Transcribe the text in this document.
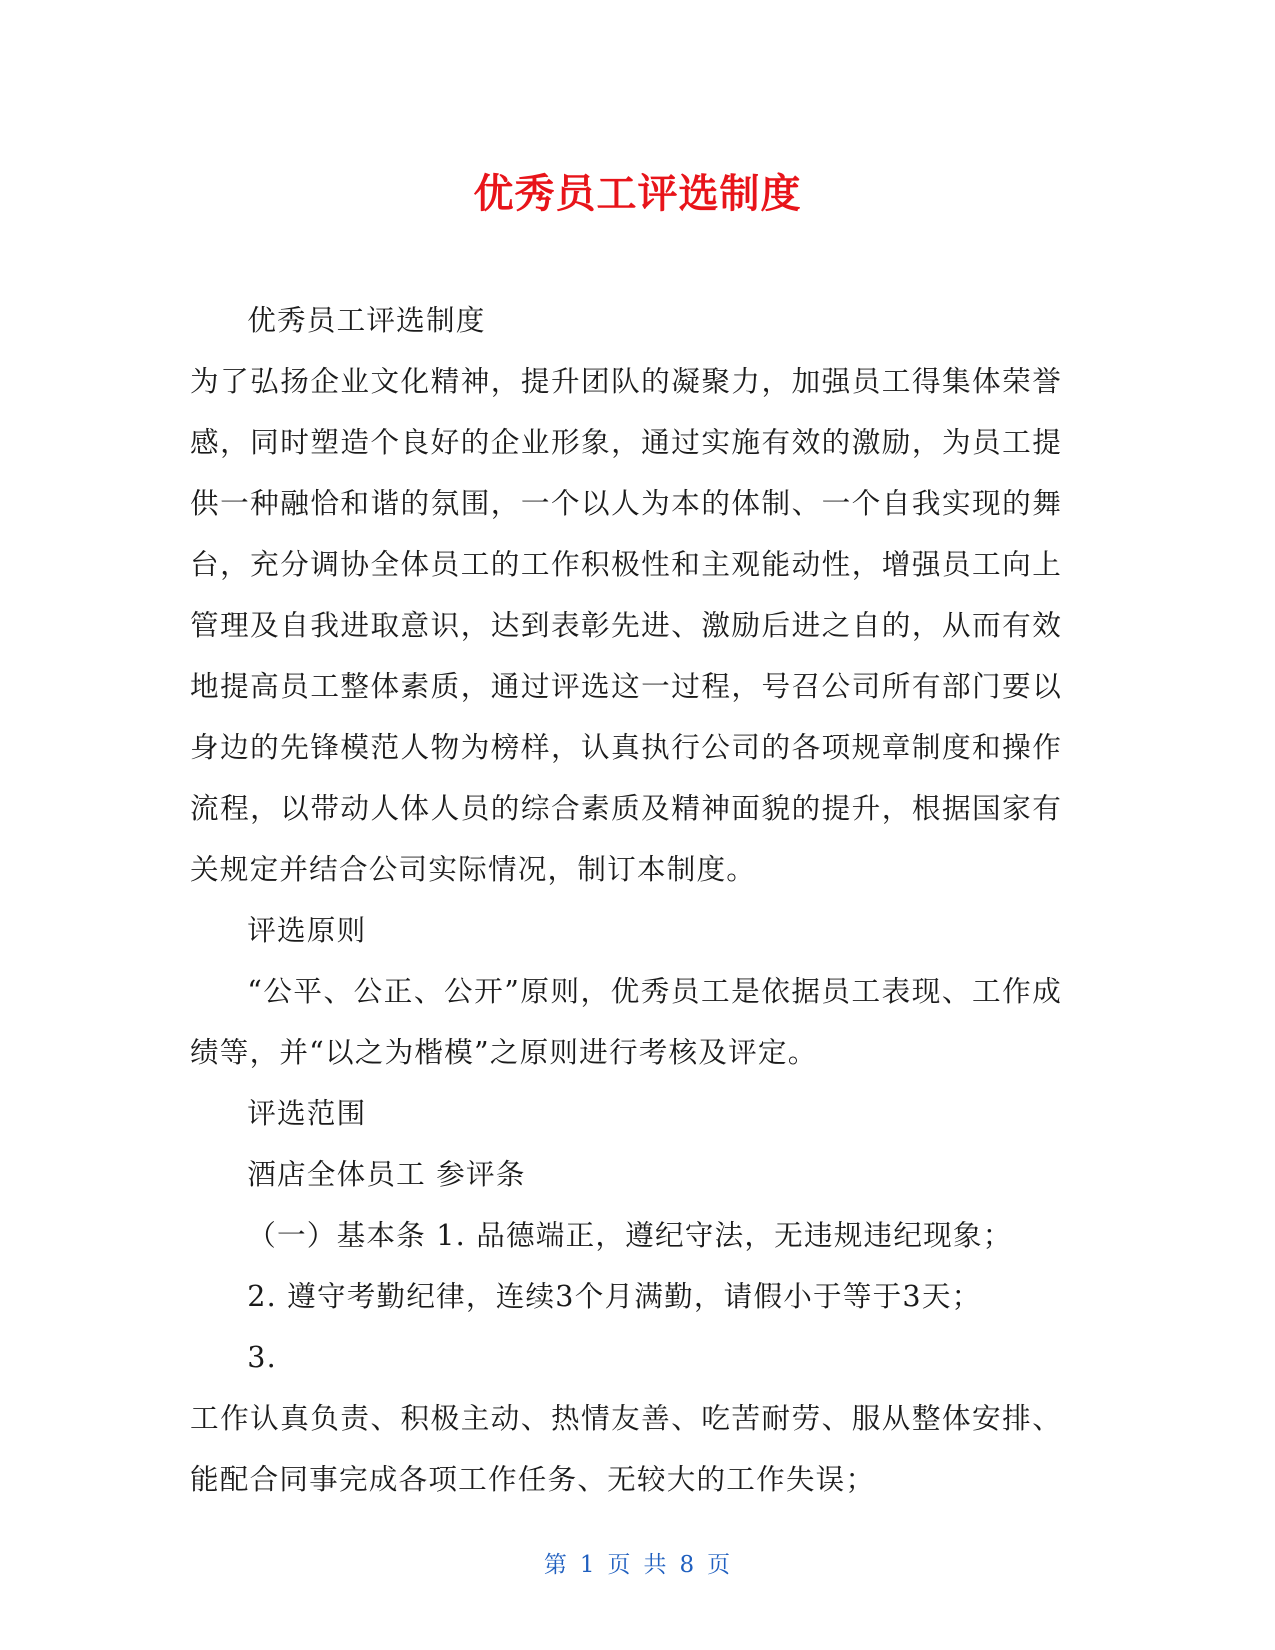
优秀员工评选制度

优秀员工评选制度

为了弘扬企业文化精神，提升团队的凝聚力，加强员工得集体荣誉感，同时塑造个良好的企业形象，通过实施有效的激励，为员工提供一种融恰和谐的氛围，一个以人为本的体制、一个自我实现的舞台，充分调协全体员工的工作积极性和主观能动性，增强员工向上管理及自我进取意识，达到表彰先进、激励后进之自的，从而有效地提高员工整体素质，通过评选这一过程，号召公司所有部门要以身边的先锋模范人物为榜样，认真执行公司的各项规章制度和操作流程，以带动人体人员的综合素质及精神面貌的提升，根据国家有关规定并结合公司实际情况，制订本制度。

评选原则

“公平、公正、公开”原则，优秀员工是依据员工表现、工作成绩等，并“以之为楷模”之原则进行考核及评定。

评选范围

酒店全体员工 参评条

（一）基本条 1. 品德端正，遵纪守法，无违规违纪现象；

2. 遵守考勤纪律，连续3个月满勤，请假小于等于3天；

3.

工作认真负责、积极主动、热情友善、吃苦耐劳、服从整体安排、能配合同事完成各项工作任务、无较大的工作失误；

第 1 页 共 8 页
